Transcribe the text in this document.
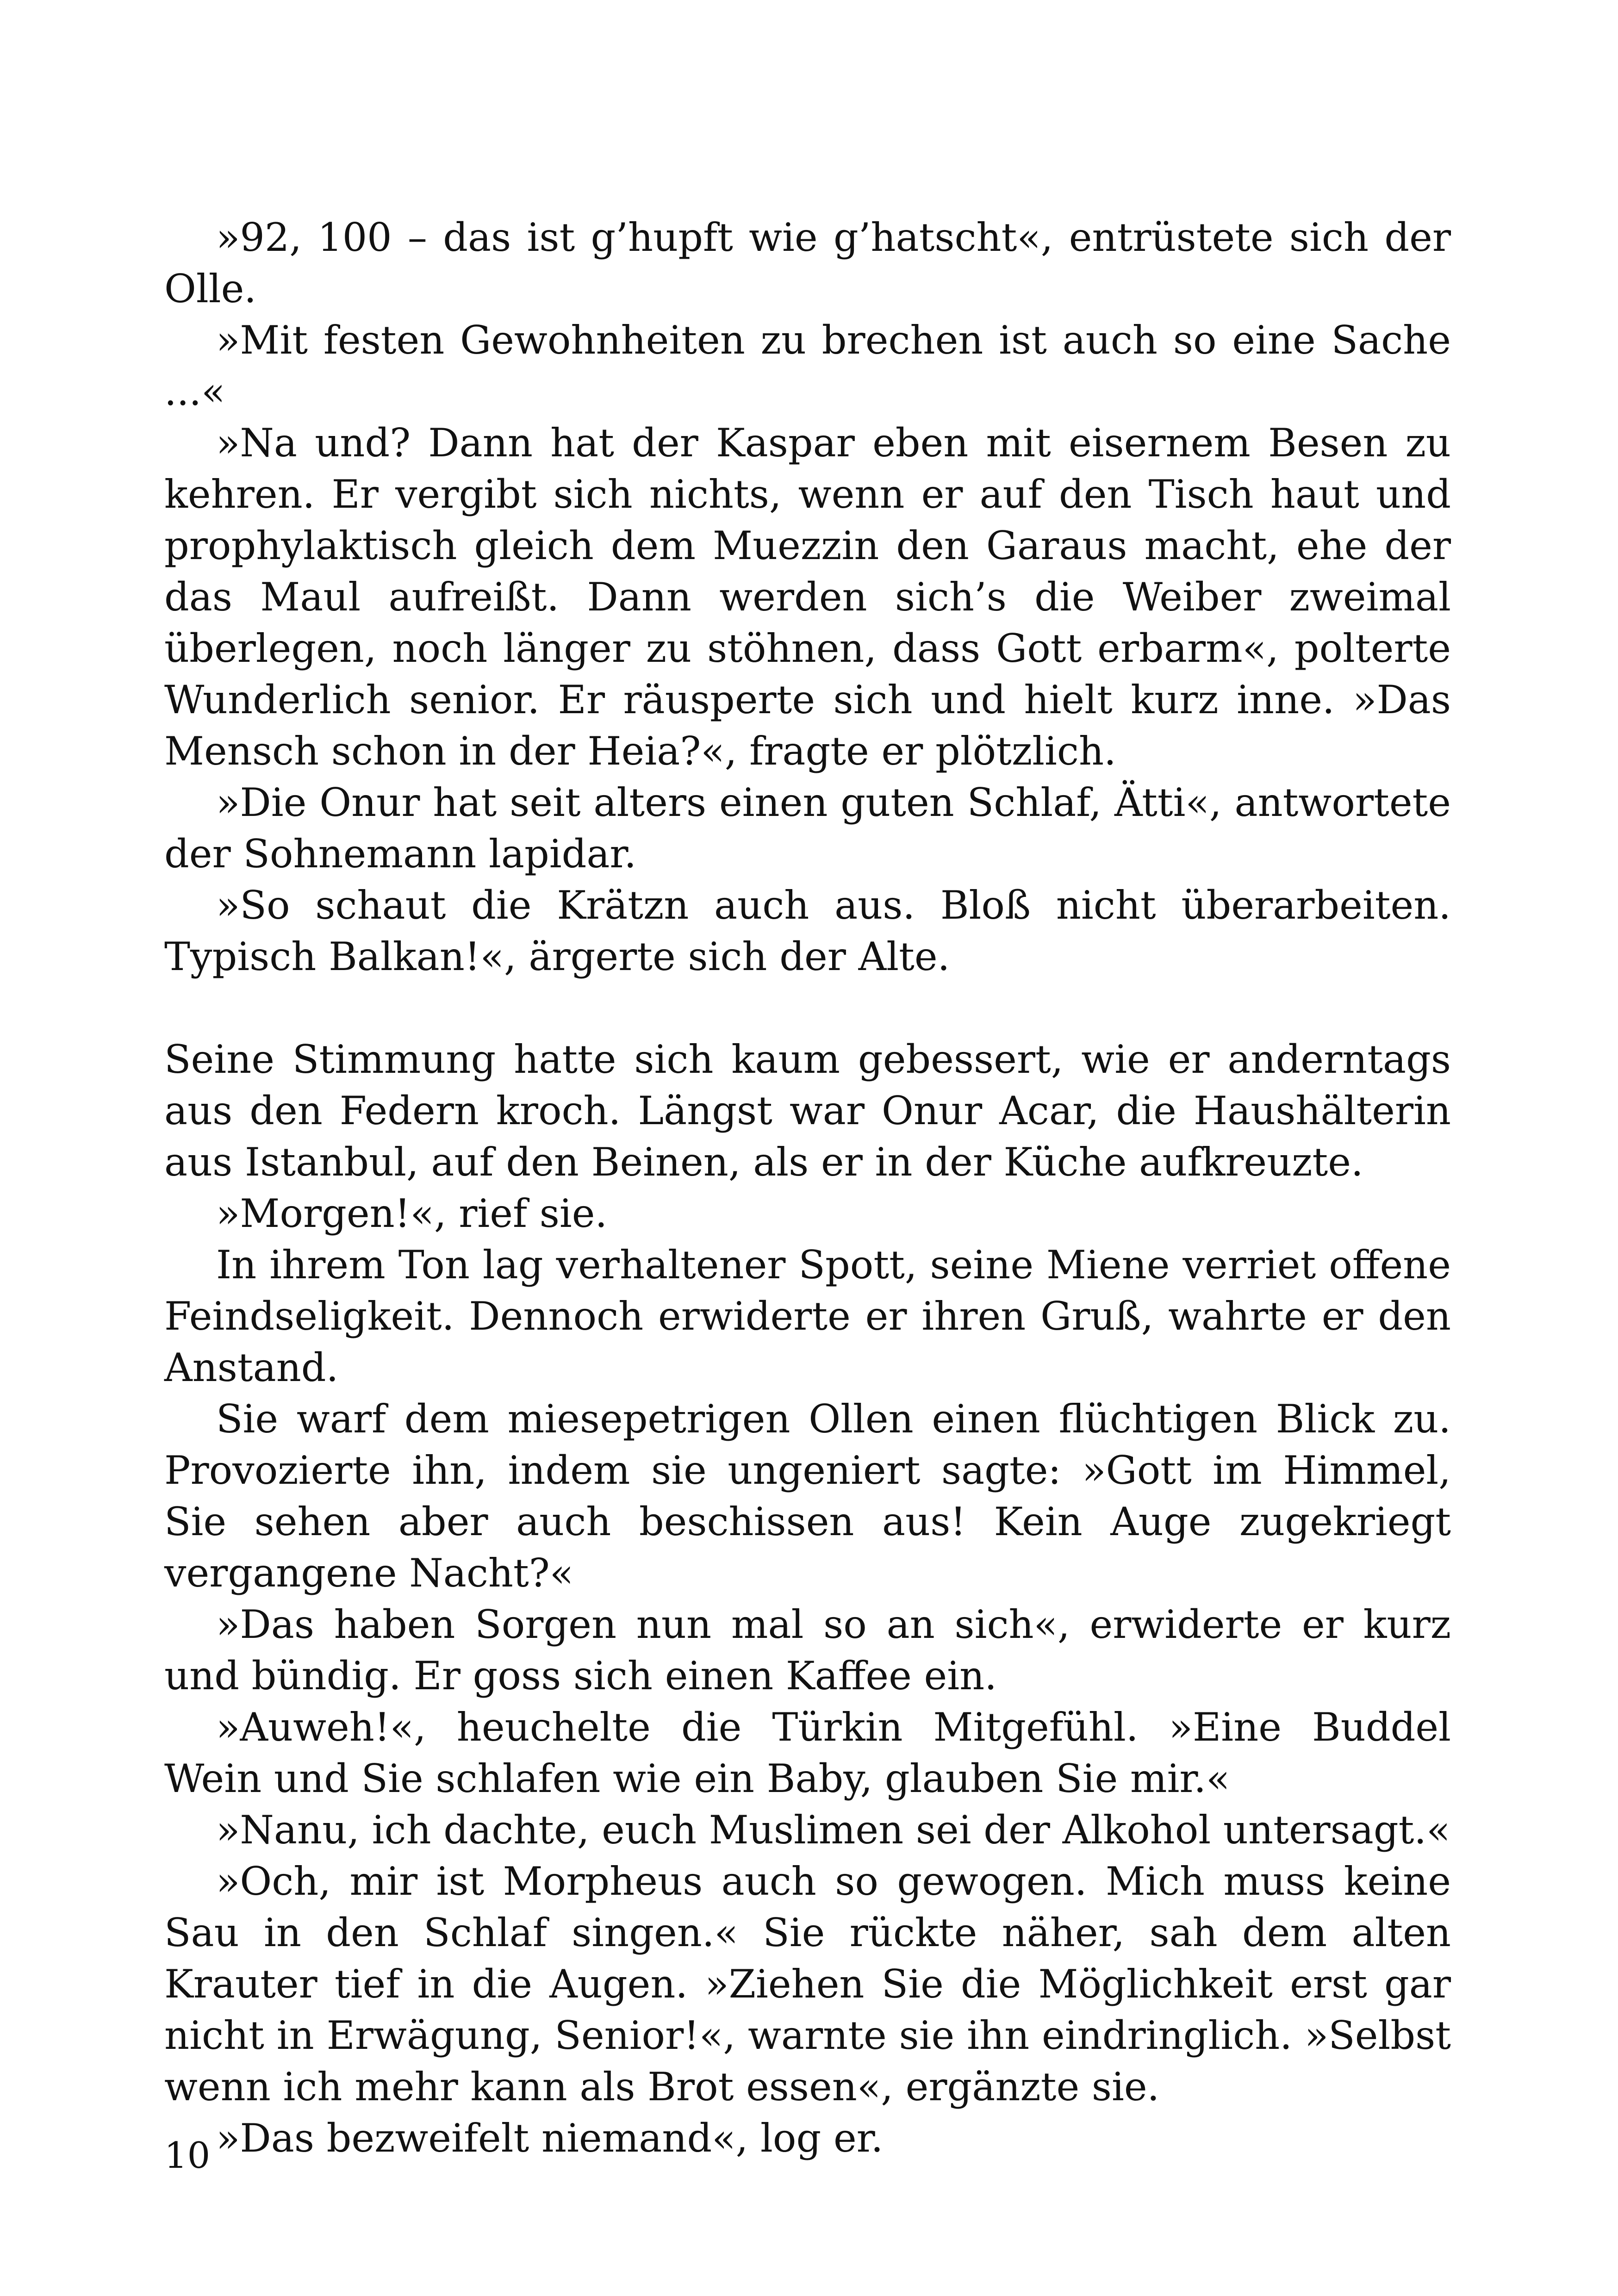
»92, 100 – das ist g’hupft wie g’hatscht«, entrüstete sich der Olle.

»Mit festen Gewohnheiten zu brechen ist auch so eine Sache ...«

»Na und? Dann hat der Kaspar eben mit eisernem Besen zu kehren. Er vergibt sich nichts, wenn er auf den Tisch haut und prophylaktisch gleich dem Muezzin den Garaus macht, ehe der das Maul aufreißt. Dann werden sich’s die Weiber zweimal überlegen, noch länger zu stöhnen, dass Gott erbarm«, polterte Wunderlich senior. Er räusperte sich und hielt kurz inne. »Das Mensch schon in der Heia?«, fragte er plötzlich.

»Die Onur hat seit alters einen guten Schlaf, Ätti«, antwortete der Sohnemann lapidar.

»So schaut die Krätzn auch aus. Bloß nicht überarbeiten. Typisch Balkan!«, ärgerte sich der Alte.

Seine Stimmung hatte sich kaum gebessert, wie er anderntags aus den Federn kroch. Längst war Onur Acar, die Haushälterin aus Istanbul, auf den Beinen, als er in der Küche aufkreuzte.

»Morgen!«, rief sie.

In ihrem Ton lag verhaltener Spott, seine Miene verriet offene Feindseligkeit. Dennoch erwiderte er ihren Gruß, wahrte er den Anstand.

Sie warf dem miesepetrigen Ollen einen flüchtigen Blick zu. Provozierte ihn, indem sie ungeniert sagte: »Gott im Himmel, Sie sehen aber auch beschissen aus! Kein Auge zugekriegt vergangene Nacht?«

»Das haben Sorgen nun mal so an sich«, erwiderte er kurz und bündig. Er goss sich einen Kaffee ein.

»Auweh!«, heuchelte die Türkin Mitgefühl. »Eine Buddel Wein und Sie schlafen wie ein Baby, glauben Sie mir.«

»Nanu, ich dachte, euch Muslimen sei der Alkohol untersagt.«

»Och, mir ist Morpheus auch so gewogen. Mich muss keine Sau in den Schlaf singen.« Sie rückte näher, sah dem alten Krauter tief in die Augen. »Ziehen Sie die Möglichkeit erst gar nicht in Erwägung, Senior!«, warnte sie ihn eindringlich. »Selbst wenn ich mehr kann als Brot essen«, ergänzte sie.

»Das bezweifelt niemand«, log er.

10
